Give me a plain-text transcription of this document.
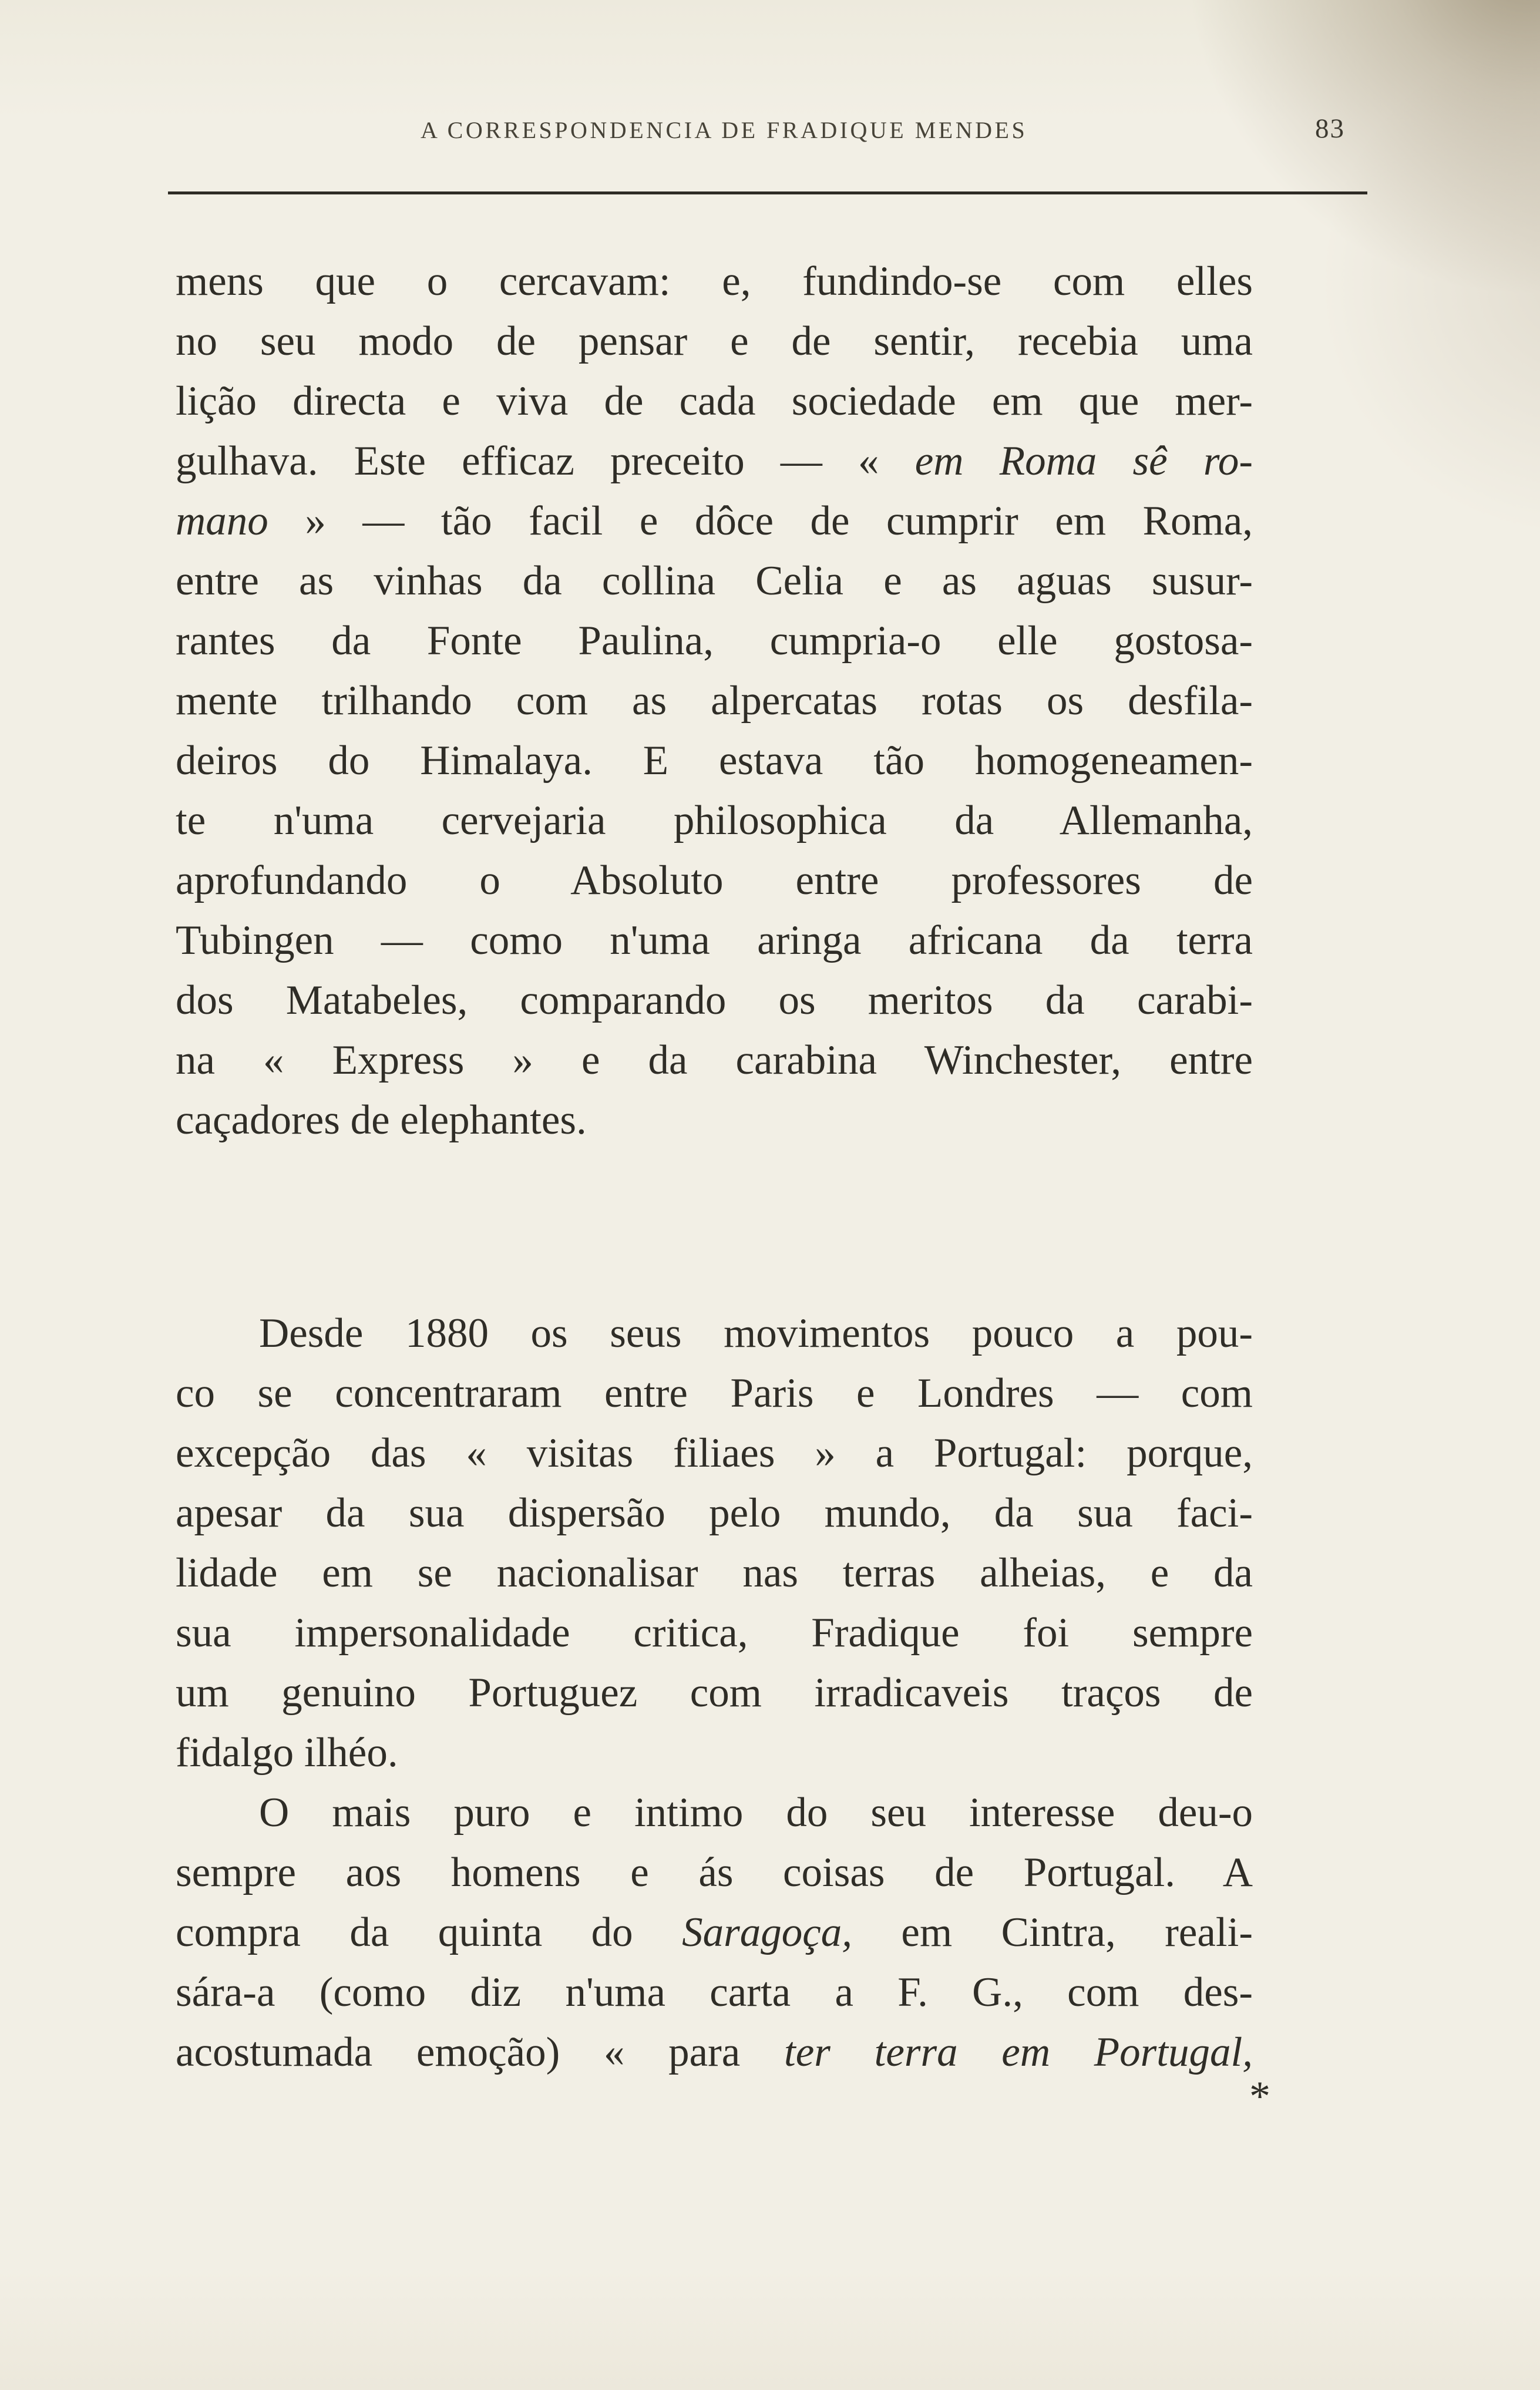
A CORRESPONDENCIA DE FRADIQUE MENDES	83
mens que o cercavam: e, fundindo-se com elles
no seu modo de pensar e de sentir, recebia uma
lição directa e viva de cada sociedade em que mer-
gulhava. Este efficaz preceito — « em Roma sê ro-
mano » — tão facil e dôce de cumprir em Roma,
entre as vinhas da collina Celia e as aguas susur-
rantes da Fonte Paulina, cumpria-o elle gostosa-
mente trilhando com as alpercatas rotas os desfila-
deiros do Himalaya. E estava tão homogeneamen-
te n'uma cervejaria philosophica da Allemanha,
aprofundando o Absoluto entre professores de
Tubingen — como n'uma aringa africana da terra
dos Matabeles, comparando os meritos da carabi-
na « Express » e da carabina Winchester, entre
caçadores de elephantes.
Desde 1880 os seus movimentos pouco a pou-
co se concentraram entre Paris e Londres — com
excepção das « visitas filiaes » a Portugal: porque,
apesar da sua dispersão pelo mundo, da sua faci-
lidade em se nacionalisar nas terras alheias, e da
sua impersonalidade critica, Fradique foi sempre
um genuino Portuguez com irradicaveis traços de
fidalgo ilhéo.
O mais puro e intimo do seu interesse deu-o
sempre aos homens e ás coisas de Portugal. A
compra da quinta do Saragoça, em Cintra, reali-
sára-a (como diz n'uma carta a F. G., com des-
acostumada emoção) « para ter terra em Portugal,
*
